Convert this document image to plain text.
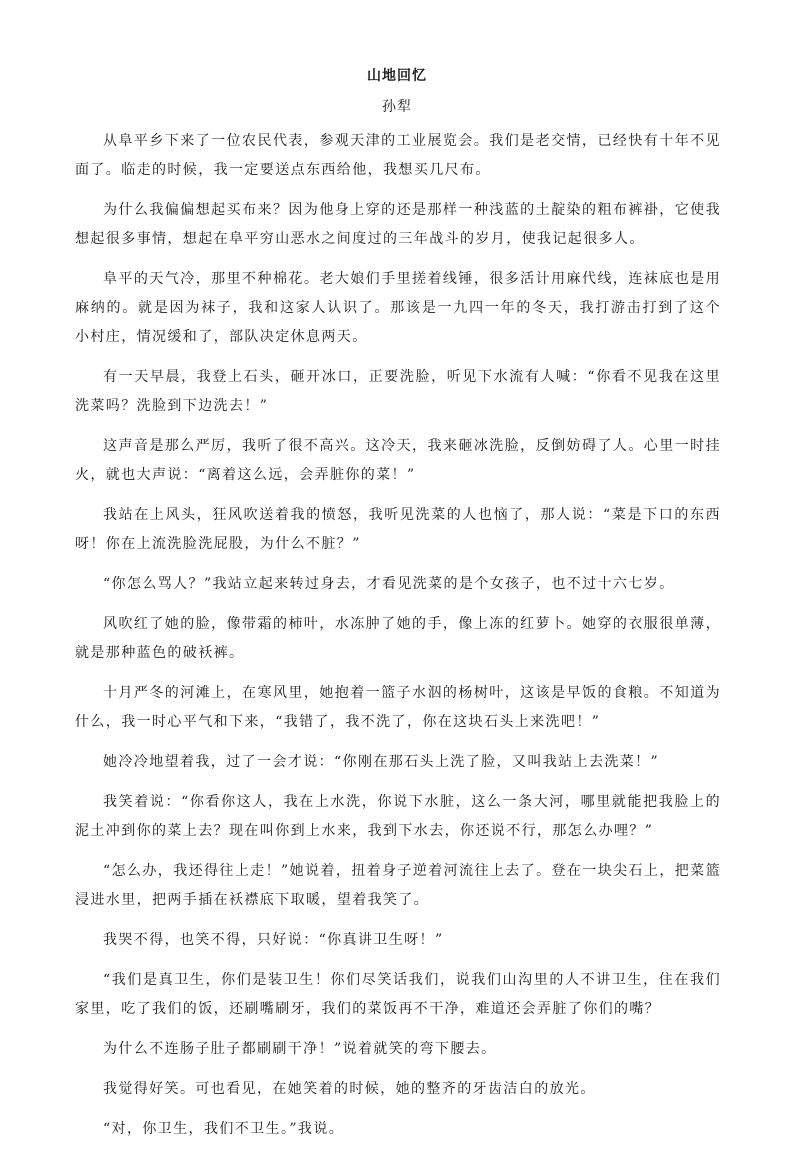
山地回忆
孙犁

从阜平乡下来了一位农民代表，参观天津的工业展览会。我们是老交情，已经快有十年不见面了。临走的时候，我一定要送点东西给他，我想买几尺布。

为什么我偏偏想起买布来？因为他身上穿的还是那样一种浅蓝的土靛染的粗布裤褂，它使我想起很多事情，想起在阜平穷山恶水之间度过的三年战斗的岁月，使我记起很多人。

阜平的天气冷，那里不种棉花。老大娘们手里搓着线锤，很多活计用麻代线，连袜底也是用麻纳的。就是因为袜子，我和这家人认识了。那该是一九四一年的冬天，我打游击打到了这个小村庄，情况缓和了，部队决定休息两天。

有一天早晨，我登上石头，砸开冰口，正要洗脸，听见下水流有人喊：“你看不见我在这里洗菜吗？洗脸到下边洗去！”

这声音是那么严厉，我听了很不高兴。这冷天，我来砸冰洗脸，反倒妨碍了人。心里一时挂火，就也大声说：“离着这么远，会弄脏你的菜！”

我站在上风头，狂风吹送着我的愤怒，我听见洗菜的人也恼了，那人说：“菜是下口的东西呀！你在上流洗脸洗屁股，为什么不脏？”

“你怎么骂人？”我站立起来转过身去，才看见洗菜的是个女孩子，也不过十六七岁。

风吹红了她的脸，像带霜的柿叶，水冻肿了她的手，像上冻的红萝卜。她穿的衣服很单薄，就是那种蓝色的破袄裤。

十月严冬的河滩上，在寒风里，她抱着一篮子水泅的杨树叶，这该是早饭的食粮。不知道为什么，我一时心平气和下来，“我错了，我不洗了，你在这块石头上来洗吧！”

她冷冷地望着我，过了一会才说：“你刚在那石头上洗了脸，又叫我站上去洗菜！”

我笑着说：“你看你这人，我在上水洗，你说下水脏，这么一条大河，哪里就能把我脸上的泥土冲到你的菜上去？现在叫你到上水来，我到下水去，你还说不行，那怎么办哩？”

“怎么办，我还得往上走！”她说着，扭着身子逆着河流往上去了。登在一块尖石上，把菜篮浸进水里，把两手插在袄襟底下取暖，望着我笑了。

我哭不得，也笑不得，只好说：“你真讲卫生呀！”

“我们是真卫生，你们是装卫生！你们尽笑话我们，说我们山沟里的人不讲卫生，住在我们家里，吃了我们的饭，还刷嘴刷牙，我们的菜饭再不干净，难道还会弄脏了你们的嘴？

为什么不连肠子肚子都刷刷干净！”说着就笑的弯下腰去。

我觉得好笑。可也看见，在她笑着的时候，她的整齐的牙齿洁白的放光。

“对，你卫生，我们不卫生。”我说。
